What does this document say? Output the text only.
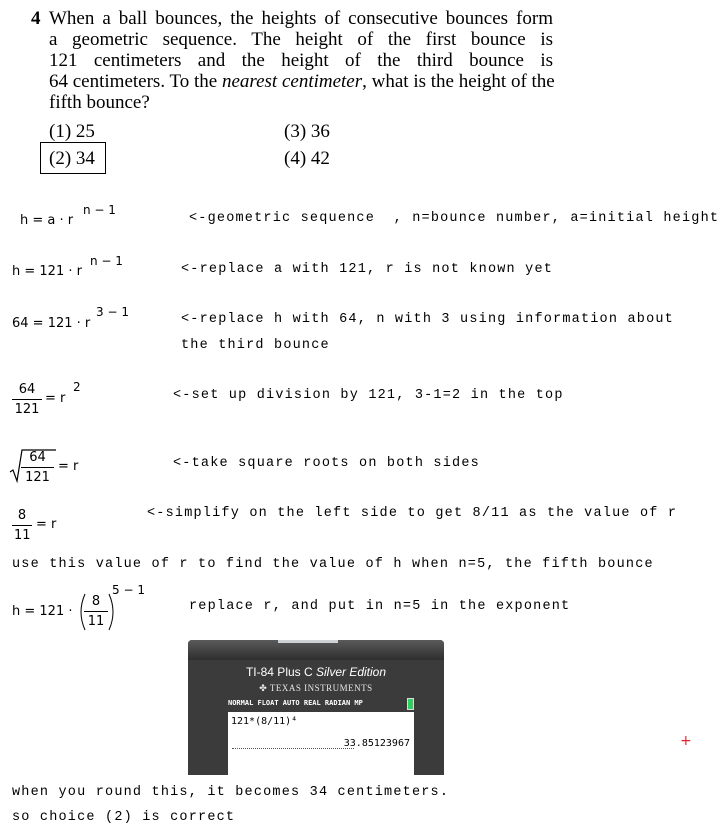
4 When a ball bounces, the heights of consecutive bounces form
a geometric sequence. The height of the first bounce is
121 centimeters and the height of the third bounce is
64 centimeters. To the nearest centimeter, what is the height of the
fifth bounce?
(1) 25
(2) 34
(3) 36
(4) 42
h = a · r
n − 1
<-geometric sequence  , n=bounce number, a=initial height
h = 121 · r
n − 1
<-replace a with 121, r is not known yet
64 = 121 · r
3 − 1	<-replace h with 64, n with 3 using information about
the third bounce
64
121
= r
2
<-set up division by 121, 3-1=2 in the top
64
121
= r	<-take square roots on both sides
8
11
= r
<-simplify on the left side to get 8/11 as the value of r
use this value of r to find the value of h when n=5, the fifth bounce
h = 121 ·
8
11
5 − 1
replace r, and put in n=5 in the exponent
TI-84 Plus C Silver Edition
✤ TEXAS INSTRUMENTS
NORMAL FLOAT AUTO REAL RADIAN MP
121*(8/11)⁴
33.85123967	+
when you round this, it becomes 34 centimeters.
so choice (2) is correct
